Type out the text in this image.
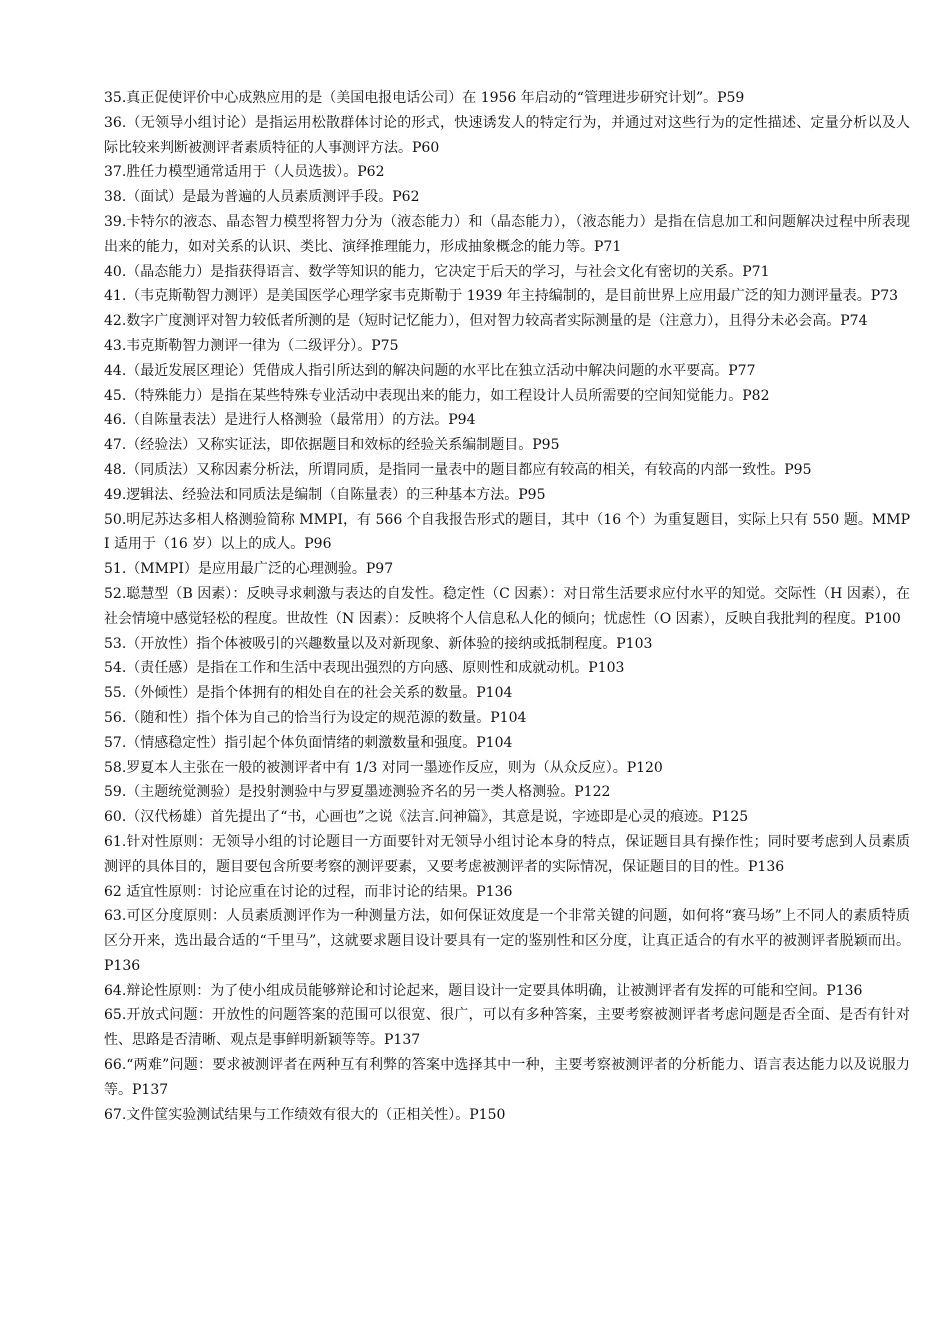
35.真正促使评价中心成熟应用的是（美国电报电话公司）在 1956 年启动的“管理进步研究计划”。P59

36.（无领导小组讨论）是指运用松散群体讨论的形式，快速诱发人的特定行为，并通过对这些行为的定性描述、定量分析以及人际比较来判断被测评者素质特征的人事测评方法。P60

37.胜任力模型通常适用于（人员选拔）。P62

38.（面试）是最为普遍的人员素质测评手段。P62

39.卡特尔的液态、晶态智力模型将智力分为（液态能力）和（晶态能力），（液态能力）是指在信息加工和问题解决过程中所表现出来的能力，如对关系的认识、类比、演绎推理能力，形成抽象概念的能力等。P71

40.（晶态能力）是指获得语言、数学等知识的能力，它决定于后天的学习，与社会文化有密切的关系。P71

41.（韦克斯勒智力测评）是美国医学心理学家韦克斯勒于 1939 年主持编制的，是目前世界上应用最广泛的知力测评量表。P73

42.数字广度测评对智力较低者所测的是（短时记忆能力），但对智力较高者实际测量的是（注意力），且得分未必会高。P74

43.韦克斯勒智力测评一律为（二级评分）。P75

44.（最近发展区理论）凭借成人指引所达到的解决问题的水平比在独立活动中解决问题的水平要高。P77

45.（特殊能力）是指在某些特殊专业活动中表现出来的能力，如工程设计人员所需要的空间知觉能力。P82

46.（自陈量表法）是进行人格测验（最常用）的方法。P94

47.（经验法）又称实证法，即依据题目和效标的经验关系编制题目。P95

48.（同质法）又称因素分析法，所谓同质，是指同一量表中的题目都应有较高的相关，有较高的内部一致性。P95

49.逻辑法、经验法和同质法是编制（自陈量表）的三种基本方法。P95

50.明尼苏达多相人格测验简称 MMPI，有 566 个自我报告形式的题目，其中（16 个）为重复题目，实际上只有 550 题。MMPI 适用于（16 岁）以上的成人。P96

51.（MMPI）是应用最广泛的心理测验。P97

52.聪慧型（B 因素）：反映寻求刺激与表达的自发性。稳定性（C 因素）：对日常生活要求应付水平的知觉。交际性（H 因素），在社会情境中感觉轻松的程度。世故性（N 因素）：反映将个人信息私人化的倾向；忧虑性（O 因素），反映自我批判的程度。P100

53.（开放性）指个体被吸引的兴趣数量以及对新现象、新体验的接纳或抵制程度。P103

54.（责任感）是指在工作和生活中表现出强烈的方向感、原则性和成就动机。P103

55.（外倾性）是指个体拥有的相处自在的社会关系的数量。P104

56.（随和性）指个体为自己的恰当行为设定的规范源的数量。P104

57.（情感稳定性）指引起个体负面情绪的刺激数量和强度。P104

58.罗夏本人主张在一般的被测评者中有 1/3 对同一墨迹作反应，则为（从众反应）。P120

59.（主题统觉测验）是投射测验中与罗夏墨迹测验齐名的另一类人格测验。P122

60.（汉代杨雄）首先提出了“书，心画也”之说《法言.问神篇》，其意是说，字迹即是心灵的痕迹。P125

61.针对性原则：无领导小组的讨论题目一方面要针对无领导小组讨论本身的特点，保证题目具有操作性；同时要考虑到人员素质测评的具体目的，题目要包含所要考察的测评要素，又要考虑被测评者的实际情况，保证题目的目的性。P136

62 适宜性原则：讨论应重在讨论的过程，而非讨论的结果。P136

63.可区分度原则：人员素质测评作为一种测量方法，如何保证效度是一个非常关键的问题，如何将“赛马场”上不同人的素质特质区分开来，选出最合适的“千里马”，这就要求题目设计要具有一定的鉴别性和区分度，让真正适合的有水平的被测评者脱颖而出。P136

64.辩论性原则：为了使小组成员能够辩论和讨论起来，题目设计一定要具体明确，让被测评者有发挥的可能和空间。P136

65.开放式问题：开放性的问题答案的范围可以很宽、很广，可以有多种答案，主要考察被测评者考虑问题是否全面、是否有针对性、思路是否清晰、观点是事鲜明新颖等等。P137

66.“两难”问题：要求被测评者在两种互有利弊的答案中选择其中一种，主要考察被测评者的分析能力、语言表达能力以及说服力等。P137

67.文件筐实验测试结果与工作绩效有很大的（正相关性）。P150
